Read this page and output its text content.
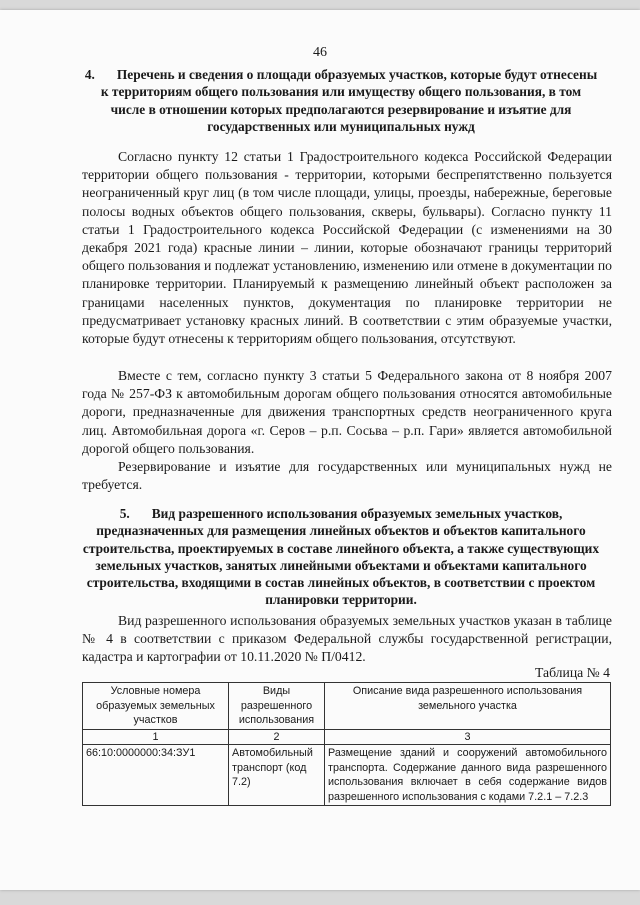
46

4. Перечень и сведения о площади образуемых участков, которые будут отнесены к территориям общего пользования или имуществу общего пользования, в том числе в отношении которых предполагаются резервирование и изъятие для государственных или муниципальных нужд

Согласно пункту 12 статьи 1 Градостроительного кодекса Российской Федерации территории общего пользования - территории, которыми беспрепятственно пользуется неограниченный круг лиц (в том числе площади, улицы, проезды, набережные, береговые полосы водных объектов общего пользования, скверы, бульвары). Согласно пункту 11 статьи 1 Градостроительного кодекса Российской Федерации (с изменениями на 30 декабря 2021 года) красные линии – линии, которые обозначают границы территорий общего пользования и подлежат установлению, изменению или отмене в документации по планировке территории. Планируемый к размещению линейный объект расположен за границами населенных пунктов, документация по планировке территории не предусматривает установку красных линий. В соответствии с этим образуемые участки, которые будут отнесены к территориям общего пользования, отсутствуют.

Вместе с тем, согласно пункту 3 статьи 5 Федерального закона от 8 ноября 2007 года № 257-ФЗ к автомобильным дорогам общего пользования относятся автомобильные дороги, предназначенные для движения транспортных средств неограниченного круга лиц. Автомобильная дорога «г. Серов – р.п. Сосьва – р.п. Гари» является автомобильной дорогой общего пользования.

Резервирование и изъятие для государственных или муниципальных нужд не требуется.

5. Вид разрешенного использования образуемых земельных участков, предназначенных для размещения линейных объектов и объектов капитального строительства, проектируемых в составе линейного объекта, а также существующих земельных участков, занятых линейными объектами и объектами капитального строительства, входящими в состав линейных объектов, в соответствии с проектом планировки территории.

Вид разрешенного использования образуемых земельных участков указан в таблице № 4 в соответствии с приказом Федеральной службы государственной регистрации, кадастра и картографии от 10.11.2020 № П/0412.

Таблица № 4
Условные номера образуемых земельных участков	Виды разрешенного использования	Описание вида разрешенного использования земельного участка
1	2	3
66:10:0000000:34:ЗУ1	Автомобильный транспорт (код 7.2)	Размещение зданий и сооружений автомобильного транспорта. Содержание данного вида разрешенного использования включает в себя содержание видов разрешенного использования с кодами 7.2.1 – 7.2.3
